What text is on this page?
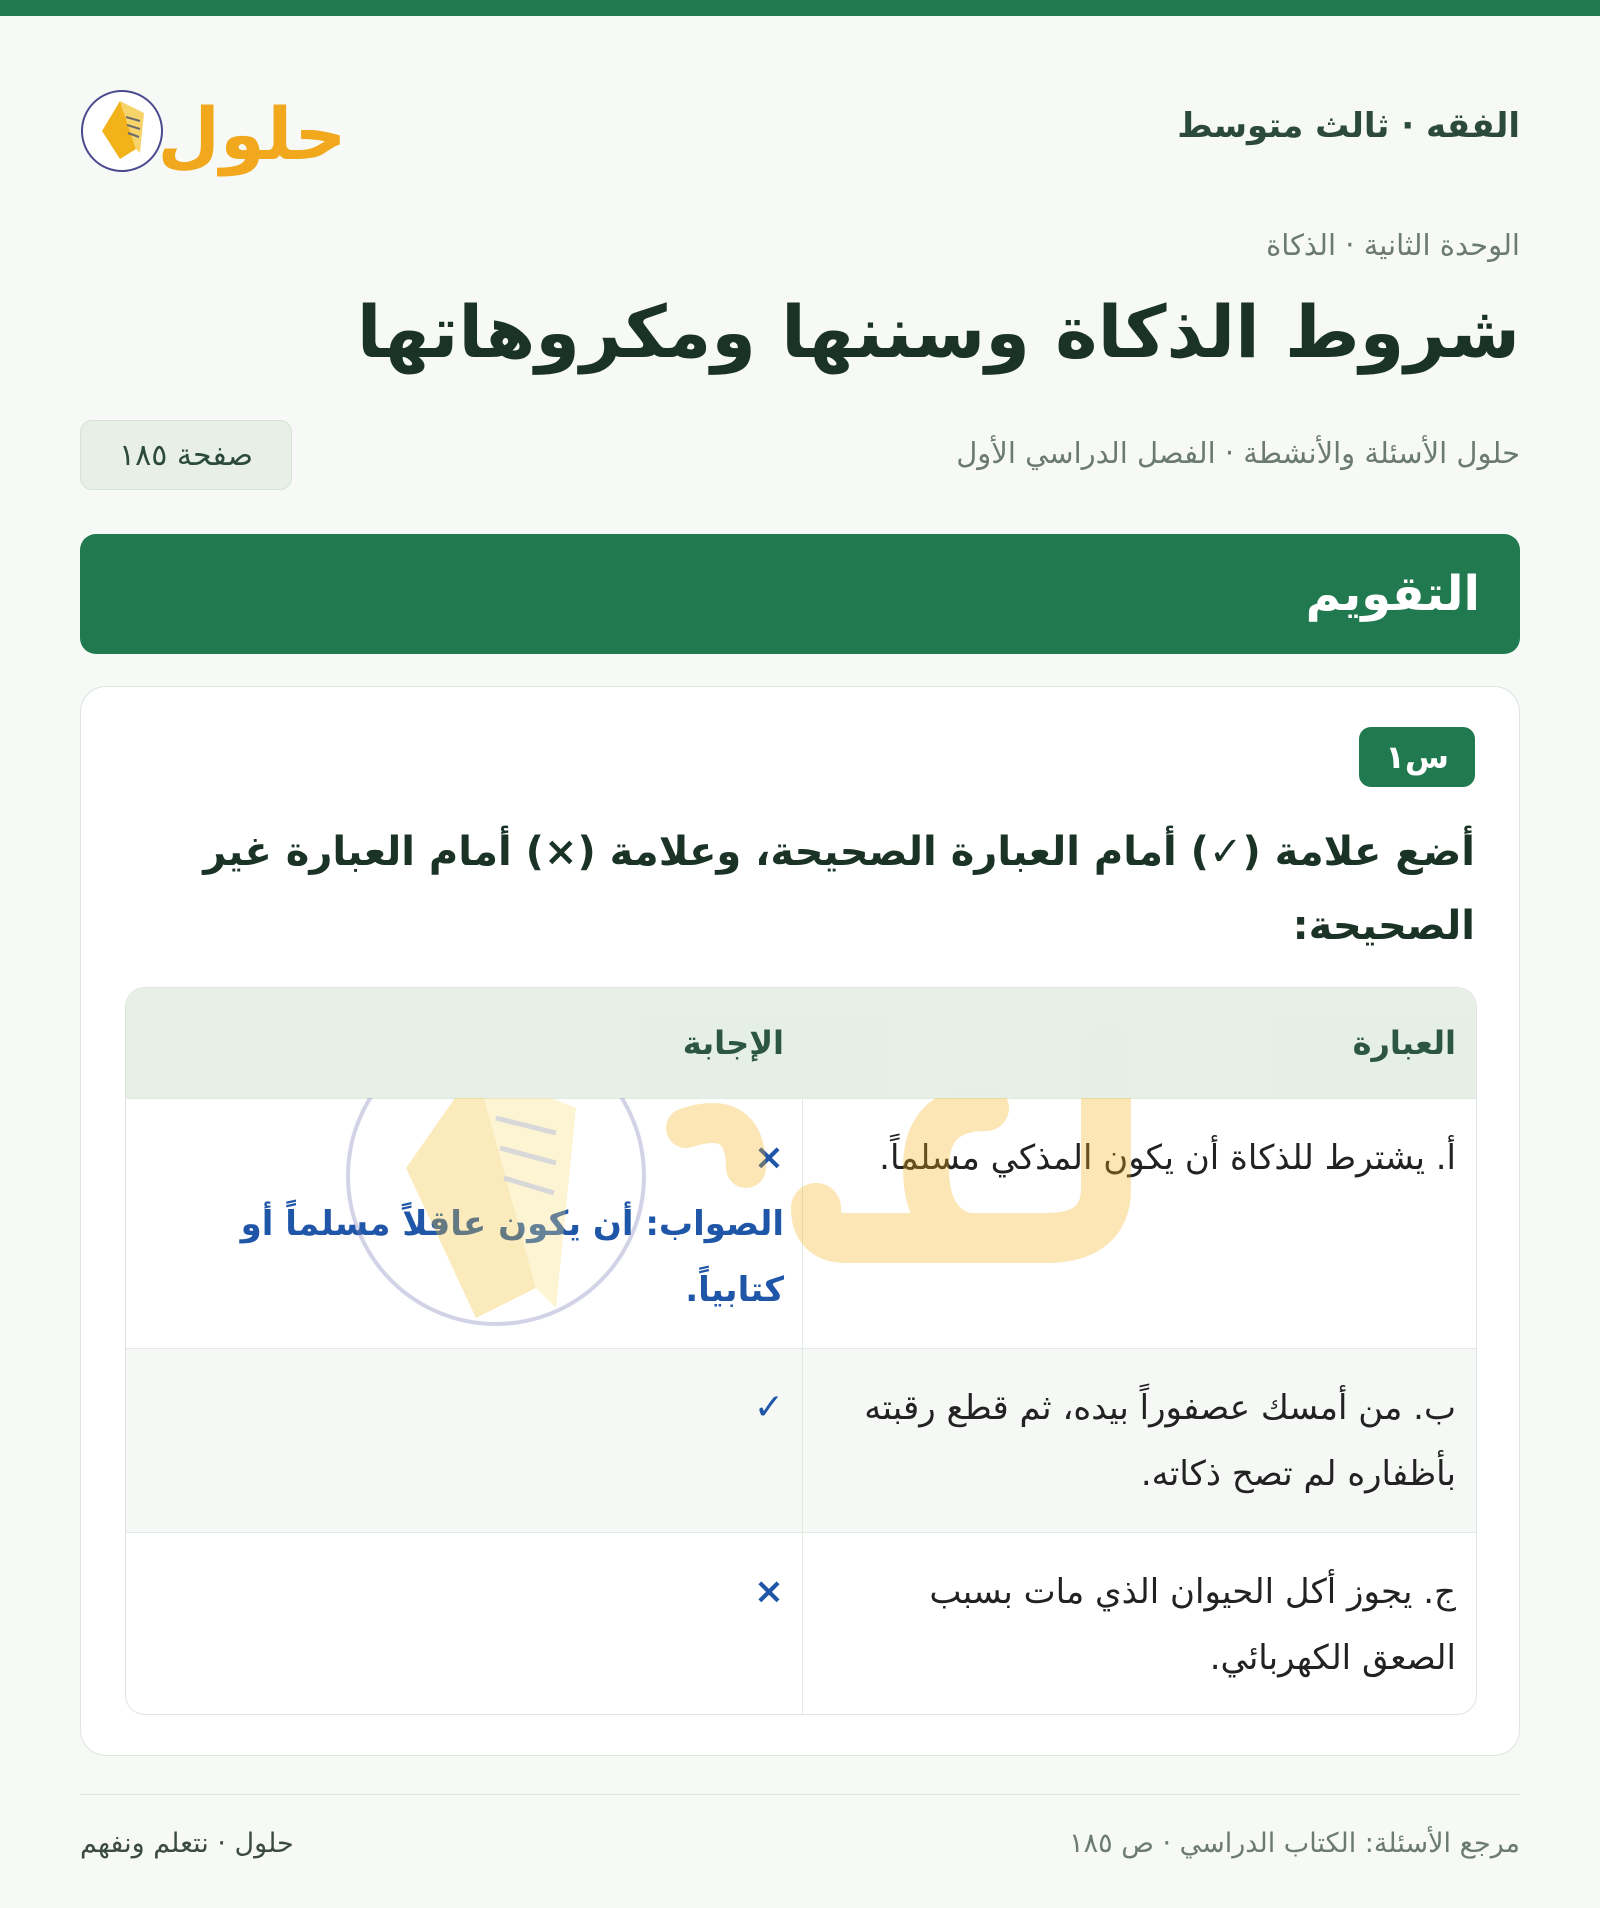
الفقه · ثالث متوسط
حلول
الوحدة الثانية · الذكاة
شروط الذكاة وسننها ومكروهاتها
حلول الأسئلة والأنشطة · الفصل الدراسي الأول
صفحة ١٨٥
التقويم
س١
أضع علامة (✓) أمام العبارة الصحيحة، وعلامة (×) أمام العبارة غير الصحيحة:
أ. يشترط للذكاة أن يكون المذكي مسلماً.
×
الصواب: أن يكون عاقلاً مسلماً أو كتابياً.
ب. من أمسك عصفوراً بيده، ثم قطع رقبته بأظفاره لم تصح ذكاته.
✓
ج. يجوز أكل الحيوان الذي مات بسبب الصعق الكهربائي.
×
العبارة
الإجابة
حلول · نتعلم ونفهم	مرجع الأسئلة: الكتاب الدراسي · ص ١٨٥
